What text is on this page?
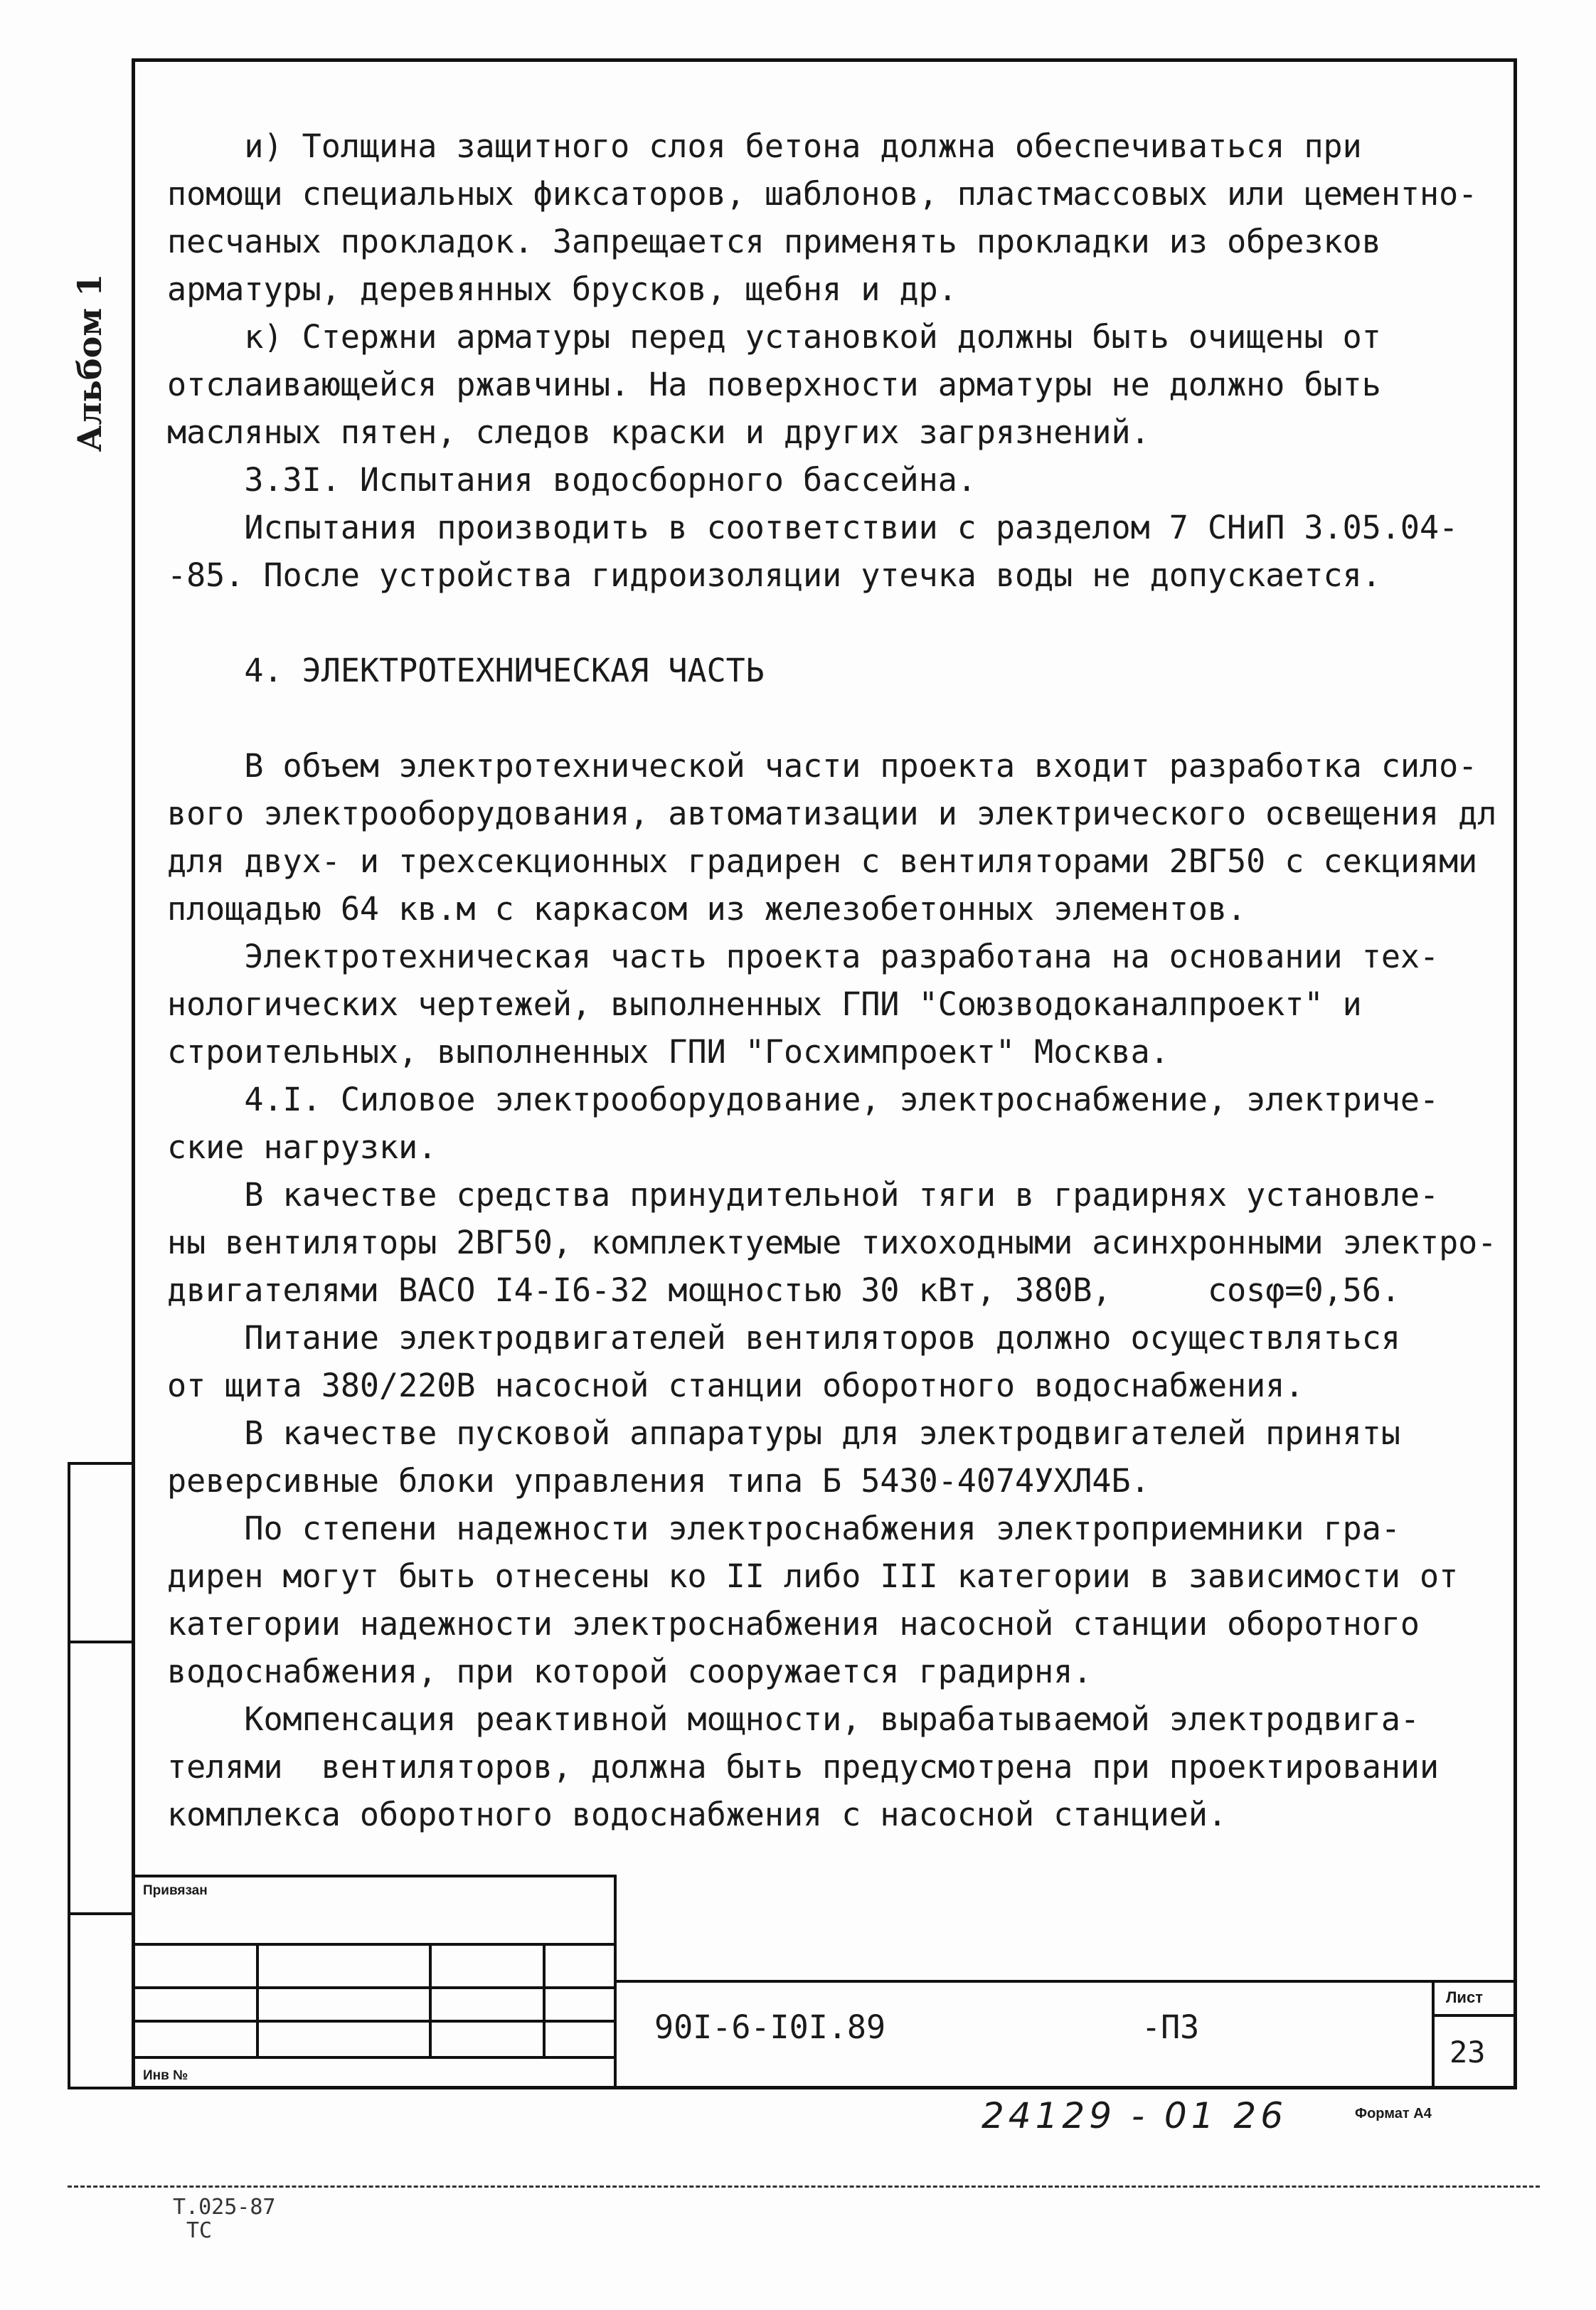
Альбом 1
и) Толщина защитного слоя бетона должна обеспечиваться при
помощи специальных фиксаторов, шаблонов, пластмассовых или цементно-
песчаных прокладок. Запрещается применять прокладки из обрезков
арматуры, деревянных брусков, щебня и др.
к) Стержни арматуры перед установкой должны быть очищены от
отслаивающейся ржавчины. На поверхности арматуры не должно быть
масляных пятен, следов краски и других загрязнений.
3.3I. Испытания водосборного бассейна.
Испытания производить в соответствии с разделом 7 СНиП 3.05.04-
-85. После устройства гидроизоляции утечка воды не допускается.
4. ЭЛЕКТРОТЕХНИЧЕСКАЯ ЧАСТЬ
В объем электротехнической части проекта входит разработка сило-
вого электрооборудования, автоматизации и электрического освещения дл
для двух- и трехсекционных градирен с вентиляторами 2ВГ50 с секциями
площадью 64 кв.м с каркасом из железобетонных элементов.
Электротехническая часть проекта разработана на основании тех-
нологических чертежей, выполненных ГПИ "Союзводоканалпроект" и
строительных, выполненных ГПИ "Госхимпроект" Москва.
4.I. Силовое электрооборудование, электроснабжение, электриче-
ские нагрузки.
В качестве средства принудительной тяги в градирнях установле-
ны вентиляторы 2ВГ50, комплектуемые тихоходными асинхронными электро-
двигателями ВАСО I4-I6-32 мощностью 30 кВт, 380В,     cosφ=0,56.
Питание электродвигателей вентиляторов должно осуществляться
от щита 380/220В насосной станции оборотного водоснабжения.
В качестве пусковой аппаратуры для электродвигателей приняты
реверсивные блоки управления типа Б 5430-4074УХЛ4Б.
По степени надежности электроснабжения электроприемники гра-
дирен могут быть отнесены ко II либо III категории в зависимости от
категории надежности электроснабжения насосной станции оборотного
водоснабжения, при которой сооружается градирня.
Компенсация реактивной мощности, вырабатываемой электродвига-
телями  вентиляторов, должна быть предусмотрена при проектировании
комплекса оборотного водоснабжения с насосной станцией.
Привязан
Инв №
90I-6-I0I.89	-ПЗ
Лист
23
24129 - 01 26	Формат А4
Т.025-87
ТС
